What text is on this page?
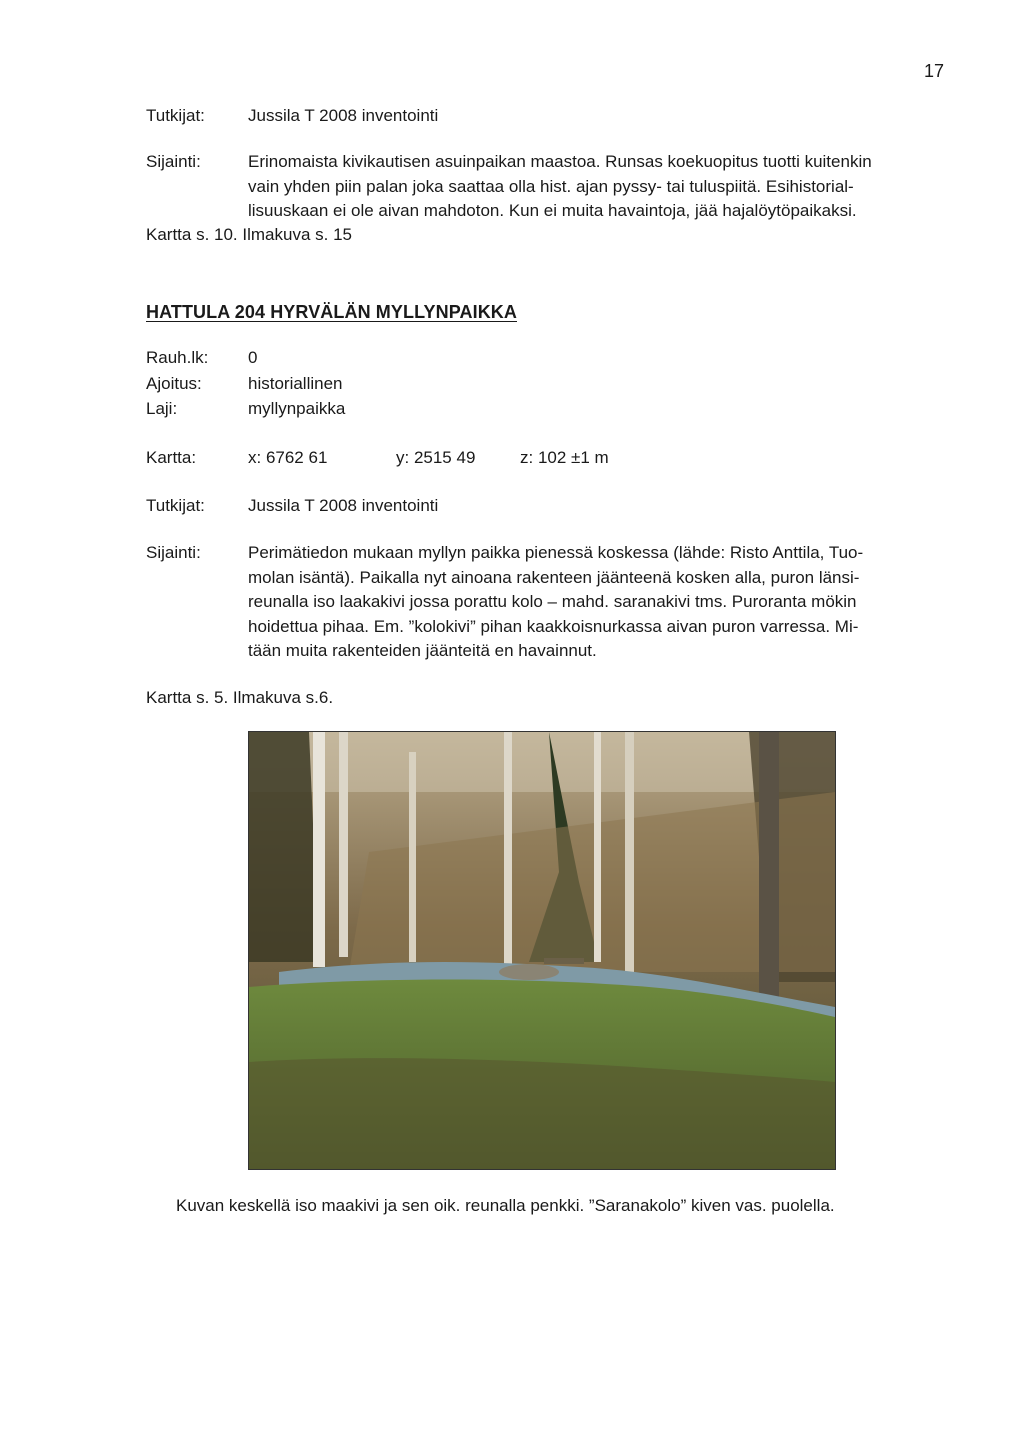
17
Tutkijat:	Jussila T 2008 inventointi
Sijainti:	Erinomaista kivikautisen asuinpaikan maastoa. Runsas koekuopitus tuotti kuitenkin
vain yhden piin palan joka saattaa olla hist. ajan pyssy- tai tuluspiitä. Esihistorial-
lisuuskaan ei ole aivan mahdoton. Kun ei muita havaintoja, jää hajalöytöpaikaksi.
Kartta s. 10. Ilmakuva s. 15
HATTULA 204 HYRVÄLÄN MYLLYNPAIKKA
Rauh.lk: 0
Ajoitus:	historiallinen
Laji:	myllynpaikka
Kartta:	x: 6762 61	y: 2515 49	z: 102 ±1 m
Tutkijat:	Jussila T 2008 inventointi
Sijainti:	Perimätiedon mukaan myllyn paikka pienessä koskessa (lähde: Risto Anttila, Tuo-
molan isäntä). Paikalla nyt ainoana rakenteen jäänteenä kosken alla, puron länsi-
reunalla iso laakakivi jossa porattu kolo – mahd. saranakivi tms. Puroranta mökin
hoidettua pihaa. Em. ”kolokivi” pihan kaakkoisnurkassa aivan puron varressa. Mi-
tään muita rakenteiden jäänteitä en havainnut.
Kartta s. 5. Ilmakuva s.6.
Kuvan keskellä iso maakivi ja sen oik. reunalla penkki. ”Saranakolo” kiven vas. puolella.
